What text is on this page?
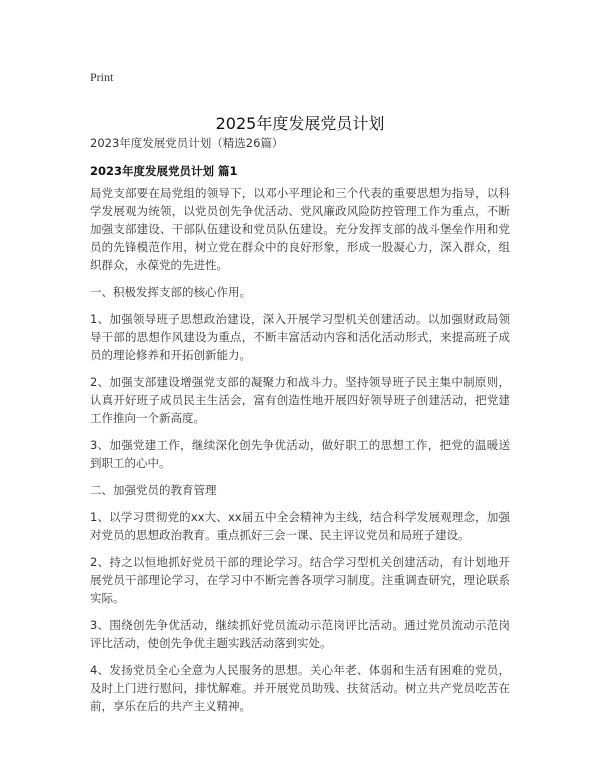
Print
2025年度发展党员计划
2023年度发展党员计划（精选26篇）
2023年度发展党员计划 篇1

局党支部要在局党组的领导下，以邓小平理论和三个代表的重要思想为指导，以科学发展观为统领，以党员创先争优活动、党风廉政风险防控管理工作为重点，不断加强支部建设、干部队伍建设和党员队伍建设。充分发挥支部的战斗堡垒作用和党员的先锋模范作用，树立党在群众中的良好形象，形成一股凝心力，深入群众，组织群众，永葆党的先进性。

一、积极发挥支部的核心作用。

1、加强领导班子思想政治建设，深入开展学习型机关创建活动。以加强财政局领导干部的思想作风建设为重点，不断丰富活动内容和活化活动形式，来提高班子成员的理论修养和开拓创新能力。

2、加强支部建设增强党支部的凝聚力和战斗力。坚持领导班子民主集中制原则，认真开好班子成员民主生活会，富有创造性地开展四好领导班子创建活动，把党建工作推向一个新高度。

3、加强党建工作，继续深化创先争优活动，做好职工的思想工作，把党的温暖送到职工的心中。

二、加强党员的教育管理

1、以学习贯彻党的xx大、xx届五中全会精神为主线，结合科学发展观理念，加强对党员的思想政治教育。重点抓好三会一课、民主评议党员和局班子建设。

2、持之以恒地抓好党员干部的理论学习。结合学习型机关创建活动，有计划地开展党员干部理论学习，在学习中不断完善各项学习制度。注重调查研究，理论联系实际。

3、围绕创先争优活动，继续抓好党员流动示范岗评比活动。通过党员流动示范岗评比活动，使创先争优主题实践活动落到实处。

4、发扬党员全心全意为人民服务的思想。关心年老、体弱和生活有困难的党员，及时上门进行慰问，排忧解难。并开展党员助残、扶贫活动。树立共产党员吃苦在前，享乐在后的共产主义精神。
